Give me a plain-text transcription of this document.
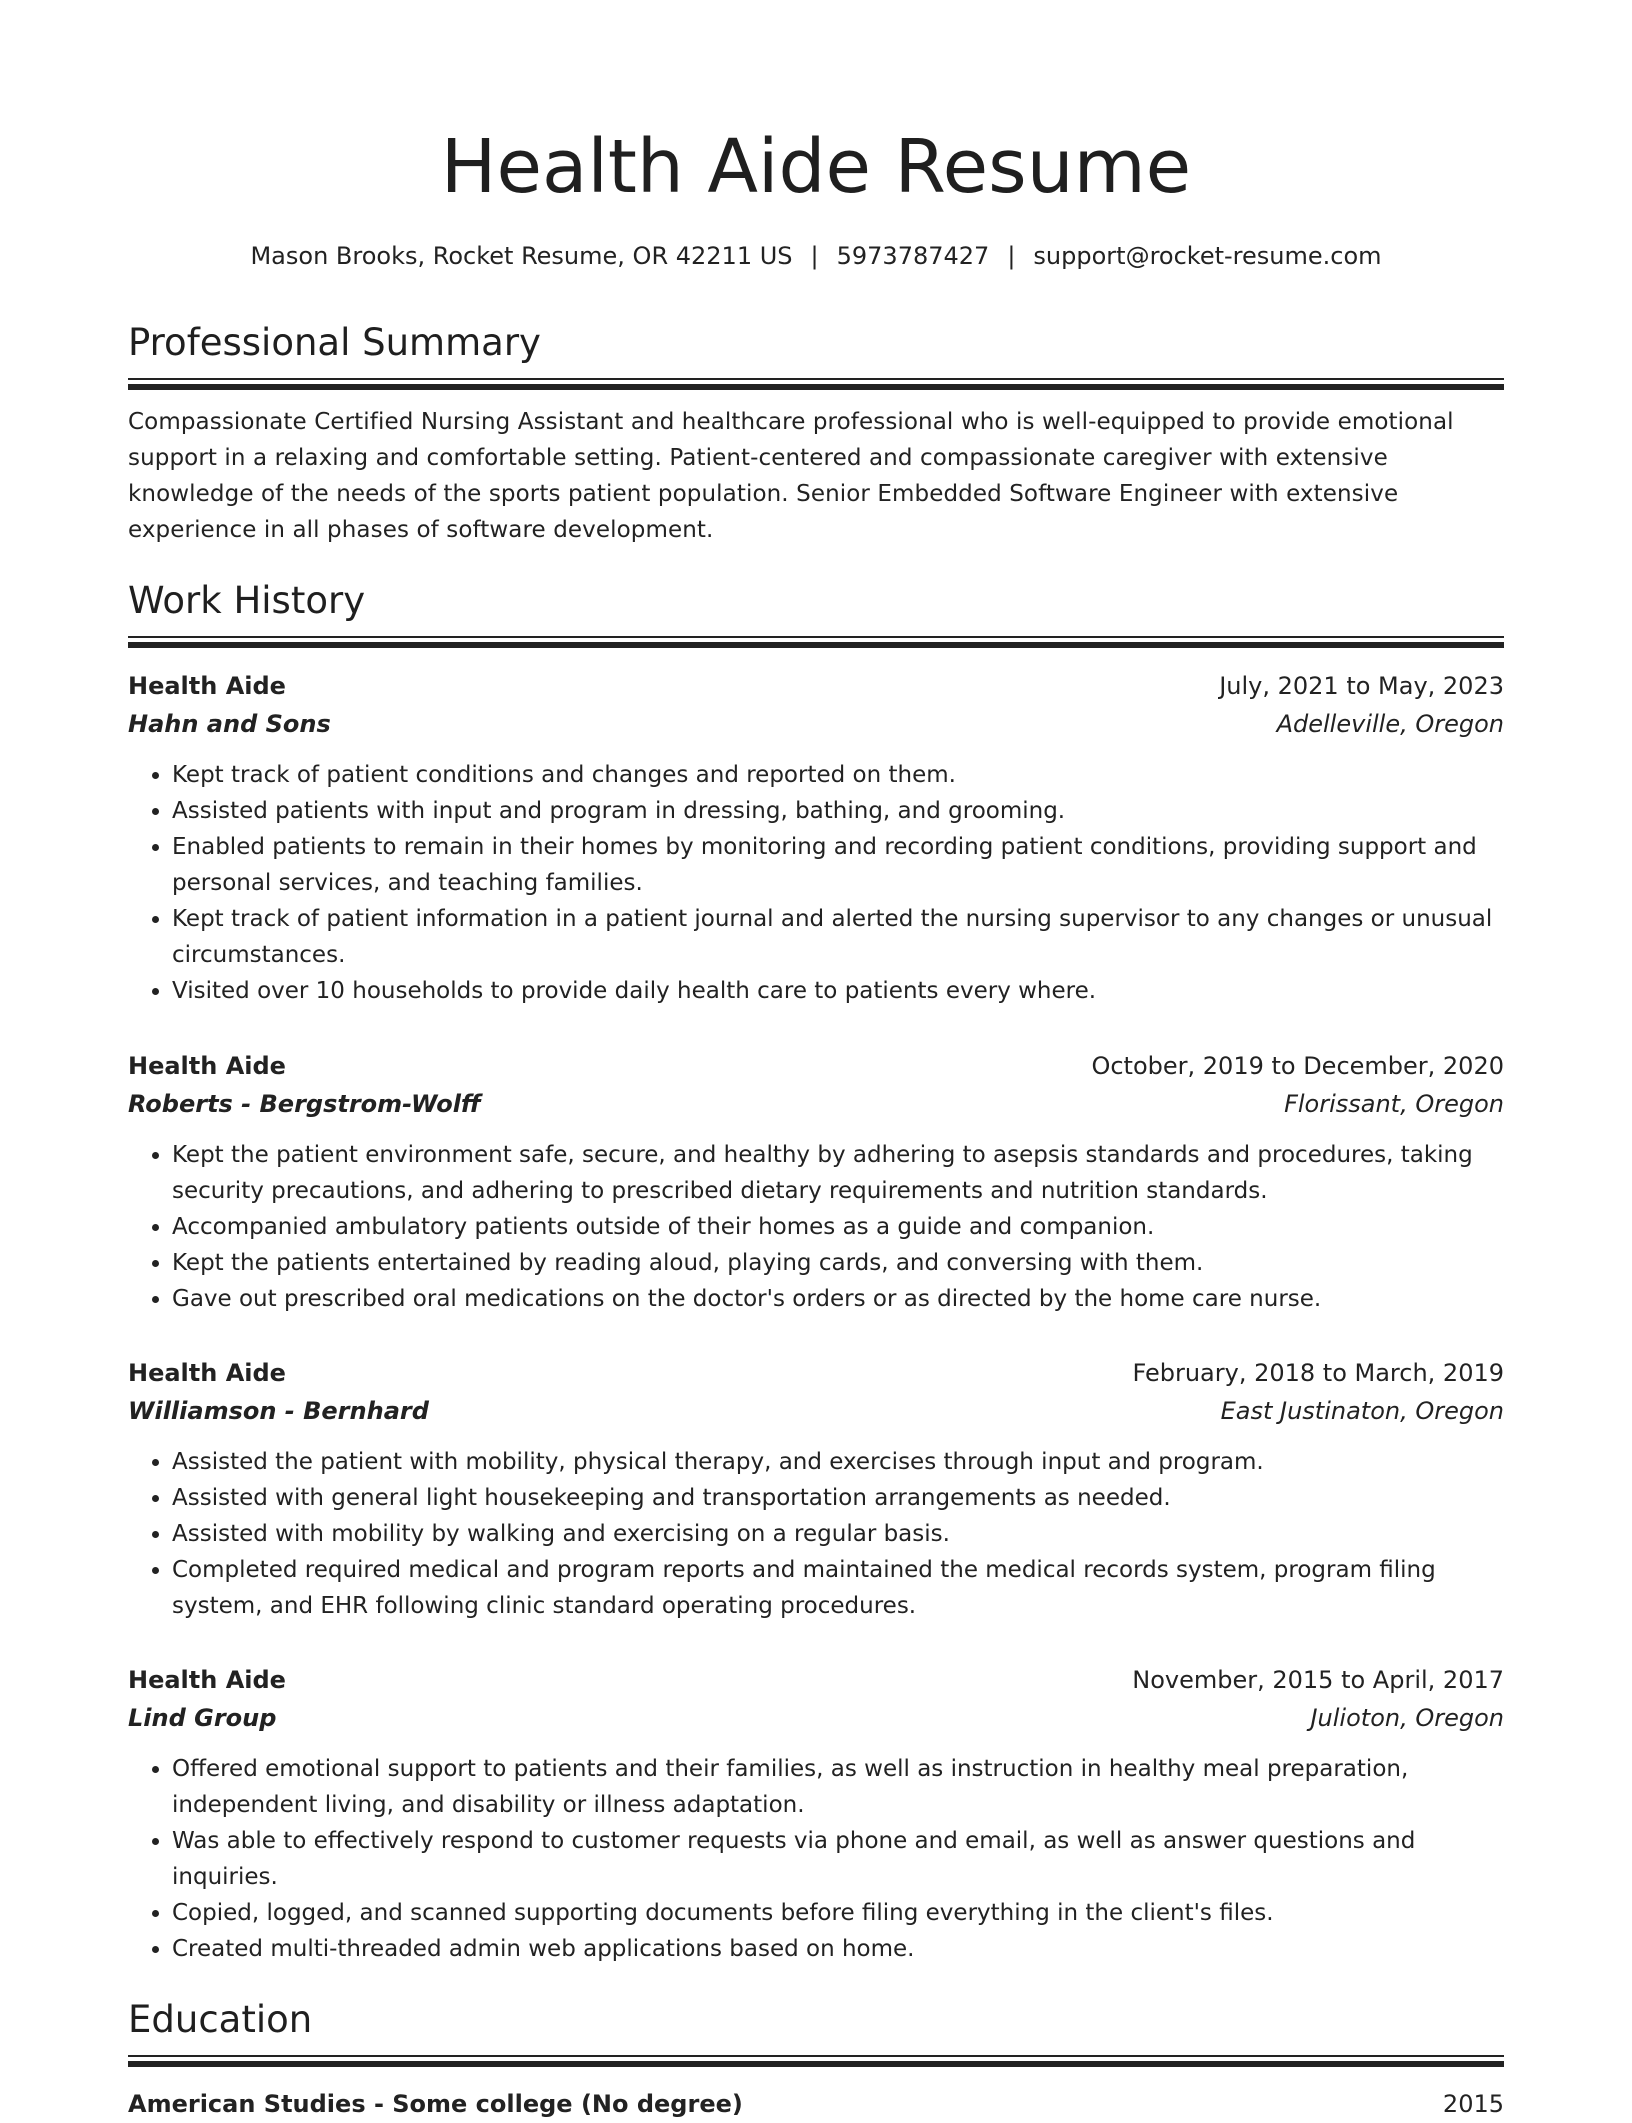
Health Aide Resume
Mason Brooks, Rocket Resume, OR 42211 US | 5973787427 | support@rocket-resume.com
Professional Summary

Compassionate Certified Nursing Assistant and healthcare professional who is well-equipped to provide emotional support in a relaxing and comfortable setting. Patient-centered and compassionate caregiver with extensive knowledge of the needs of the sports patient population. Senior Embedded Software Engineer with extensive experience in all phases of software development.

Work History
Health Aide	July, 2021 to May, 2023
Hahn and Sons	Adelleville, Oregon
• Kept track of patient conditions and changes and reported on them.
• Assisted patients with input and program in dressing, bathing, and grooming.
• Enabled patients to remain in their homes by monitoring and recording patient conditions, providing support and personal services, and teaching families.
• Kept track of patient information in a patient journal and alerted the nursing supervisor to any changes or unusual circumstances.
• Visited over 10 households to provide daily health care to patients every where.
Health Aide	October, 2019 to December, 2020
Roberts - Bergstrom-Wolff	Florissant, Oregon
• Kept the patient environment safe, secure, and healthy by adhering to asepsis standards and procedures, taking security precautions, and adhering to prescribed dietary requirements and nutrition standards.
• Accompanied ambulatory patients outside of their homes as a guide and companion.
• Kept the patients entertained by reading aloud, playing cards, and conversing with them.
• Gave out prescribed oral medications on the doctor's orders or as directed by the home care nurse.
Health Aide	February, 2018 to March, 2019
Williamson - Bernhard	East Justinaton, Oregon
• Assisted the patient with mobility, physical therapy, and exercises through input and program.
• Assisted with general light housekeeping and transportation arrangements as needed.
• Assisted with mobility by walking and exercising on a regular basis.
• Completed required medical and program reports and maintained the medical records system, program filing system, and EHR following clinic standard operating procedures.
Health Aide	November, 2015 to April, 2017
Lind Group	Julioton, Oregon
• Offered emotional support to patients and their families, as well as instruction in healthy meal preparation, independent living, and disability or illness adaptation.
• Was able to effectively respond to customer requests via phone and email, as well as answer questions and inquiries.
• Copied, logged, and scanned supporting documents before filing everything in the client's files.
• Created multi-threaded admin web applications based on home.
Education
American Studies - Some college (No degree)	2015
